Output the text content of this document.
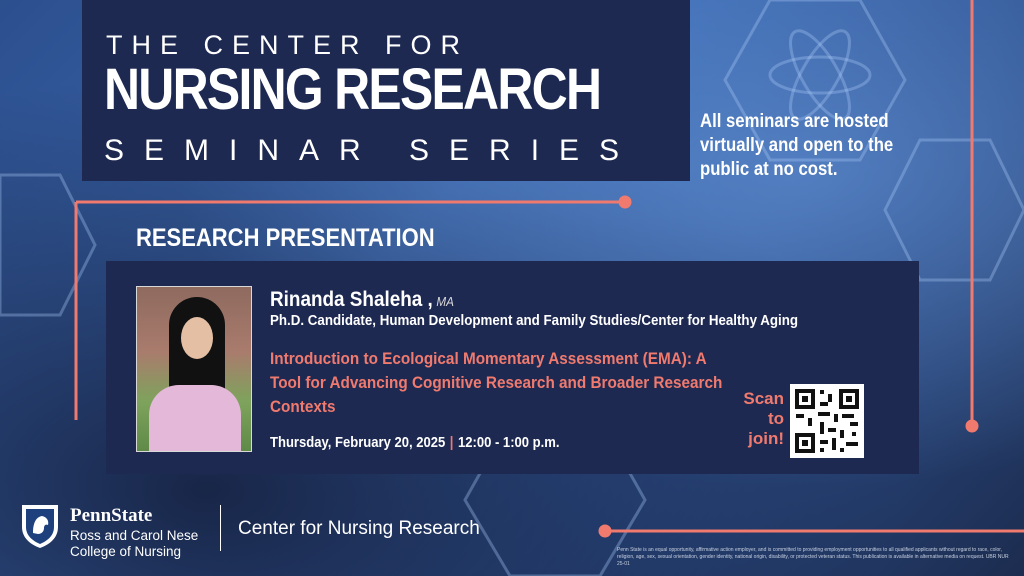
THE CENTER FOR
NURSING RESEARCH
SEMINAR SERIES
All seminars are hosted virtually and open to the public at no cost.
RESEARCH PRESENTATION
Rinanda Shaleha , MA
Ph.D. Candidate, Human Development and Family Studies/Center for Healthy Aging
Introduction to Ecological Momentary Assessment (EMA): A Tool for Advancing Cognitive Research and Broader Research Contexts
Thursday, February 20, 2025 | 12:00 - 1:00 p.m.
Scan
to
join!
PennState
Ross and Carol Nese
College of Nursing
Center for Nursing Research
Penn State is an equal opportunity, affirmative action employer, and is committed to providing employment opportunities to all qualified applicants without regard to race, color, religion, age, sex, sexual orientation, gender identity, national origin, disability, or protected veteran status. This publication is available in alternative media on request. UBR NUR 25-01
